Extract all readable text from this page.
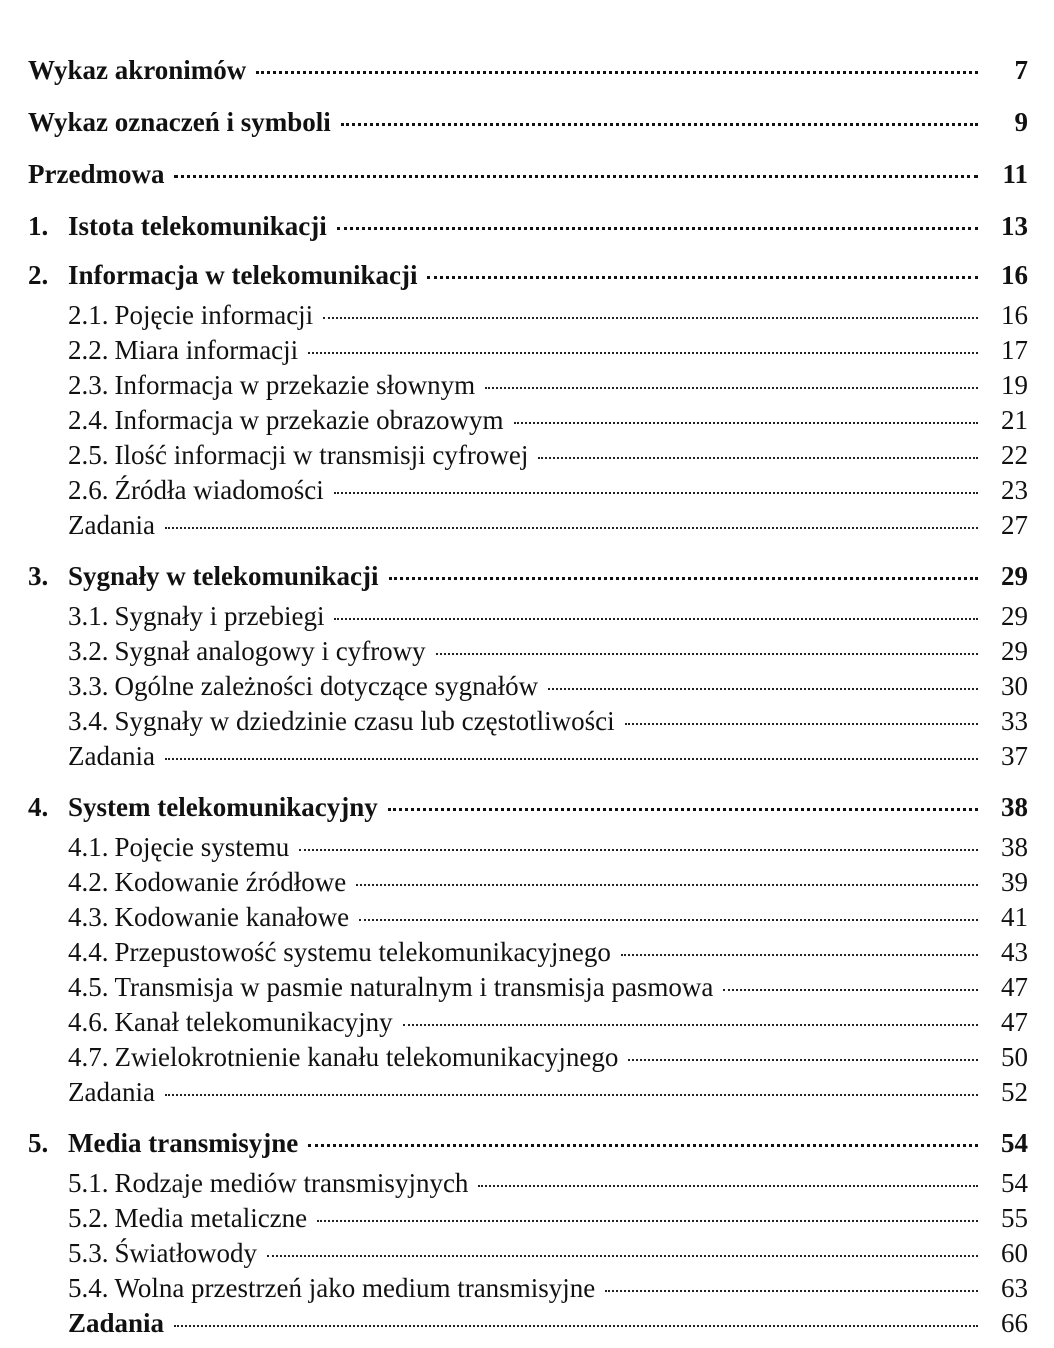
Wykaz akronimów	7
Wykaz oznaczeń i symboli	9
Przedmowa	11
1. Istota telekomunikacji	13
2. Informacja w telekomunikacji	16
2.1. Pojęcie informacji	16
2.2. Miara informacji	17
2.3. Informacja w przekazie słownym	19
2.4. Informacja w przekazie obrazowym	21
2.5. Ilość informacji w transmisji cyfrowej	22
2.6. Źródła wiadomości	23
Zadania	27
3. Sygnały w telekomunikacji	29
3.1. Sygnały i przebiegi	29
3.2. Sygnał analogowy i cyfrowy	29
3.3. Ogólne zależności dotyczące sygnałów	30
3.4. Sygnały w dziedzinie czasu lub częstotliwości	33
Zadania	37
4. System telekomunikacyjny	38
4.1. Pojęcie systemu	38
4.2. Kodowanie źródłowe	39
4.3. Kodowanie kanałowe	41
4.4. Przepustowość systemu telekomunikacyjnego	43
4.5. Transmisja w pasmie naturalnym i transmisja pasmowa	47
4.6. Kanał telekomunikacyjny	47
4.7. Zwielokrotnienie kanału telekomunikacyjnego	50
Zadania	52
5. Media transmisyjne	54
5.1. Rodzaje mediów transmisyjnych	54
5.2. Media metaliczne	55
5.3. Światłowody	60
5.4. Wolna przestrzeń jako medium transmisyjne	63
Zadania	66
